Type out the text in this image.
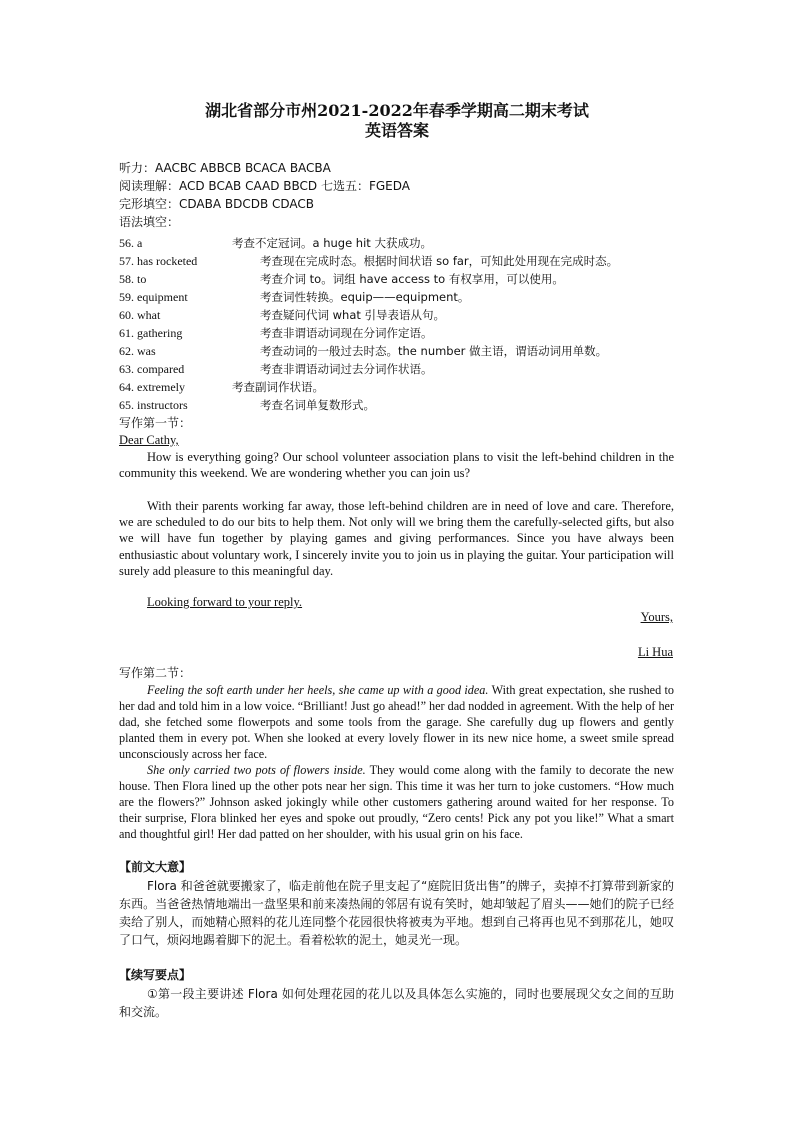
湖北省部分市州2021-2022年春季学期高二期末考试
英语答案
听力：AACBC ABBCB BCACA BACBA
阅读理解：ACD BCAB CAAD BBCD 七选五：FGEDA
完形填空：CDABA BDCDB CDACB
语法填空：
56. a	考查不定冠词。a huge hit 大获成功。
57. has rocketed	考查现在完成时态。根据时间状语 so far，可知此处用现在完成时态。
58. to	考查介词 to。词组 have access to 有权享用，可以使用。
59. equipment	考查词性转换。equip——equipment。
60. what	考查疑问代词 what 引导表语从句。
61. gathering	考查非谓语动词现在分词作定语。
62. was	考查动词的一般过去时态。the number 做主语，谓语动词用单数。
63. compared	考查非谓语动词过去分词作状语。
64. extremely	考查副词作状语。
65. instructors	考查名词单复数形式。
写作第一节：
Dear Cathy,
How is everything going? Our school volunteer association plans to visit the left-behind children in the community this weekend. We are wondering whether you can join us?
With their parents working far away, those left-behind children are in need of love and care. Therefore, we are scheduled to do our bits to help them. Not only will we bring them the carefully-selected gifts, but also we will have fun together by playing games and giving performances. Since you have always been enthusiastic about voluntary work, I sincerely invite you to join us in playing the guitar. Your participation will surely add pleasure to this meaningful day.
Looking forward to your reply.
Yours,
Li Hua
写作第二节：
Feeling the soft earth under her heels, she came up with a good idea. With great expectation, she rushed to her dad and told him in a low voice. “Brilliant! Just go ahead!” her dad nodded in agreement. With the help of her dad, she fetched some flowerpots and some tools from the garage. She carefully dug up flowers and gently planted them in every pot. When she looked at every lovely flower in its new nice home, a sweet smile spread unconsciously across her face.
She only carried two pots of flowers inside. They would come along with the family to decorate the new house. Then Flora lined up the other pots near her sign. This time it was her turn to joke customers. “How much are the flowers?” Johnson asked jokingly while other customers gathering around waited for her response. To their surprise, Flora blinked her eyes and spoke out proudly, “Zero cents! Pick any pot you like!” What a smart and thoughtful girl! Her dad patted on her shoulder, with his usual grin on his face.
【前文大意】
Flora 和爸爸就要搬家了，临走前他在院子里支起了“庭院旧货出售”的牌子，卖掉不打算带到新家的东西。当爸爸热情地端出一盘坚果和前来凑热闹的邻居有说有笑时，她却皱起了眉头——她们的院子已经卖给了别人，而她精心照料的花儿连同整个花园很快将被夷为平地。想到自己将再也见不到那花儿，她叹了口气，烦闷地踢着脚下的泥土。看着松软的泥土，她灵光一现。
【续写要点】
①第一段主要讲述 Flora 如何处理花园的花儿以及具体怎么实施的，同时也要展现父女之间的互助和交流。
